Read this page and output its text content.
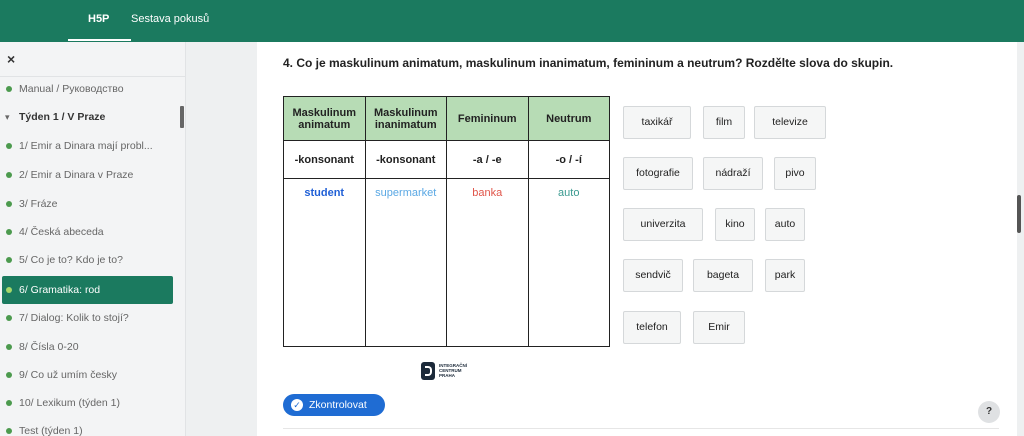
H5P Sestava pokusů
×
Manual / Руководство
▾ Týden 1 / V Praze
1/ Emir a Dinara mají probl...
2/ Emir a Dinara v Praze
3/ Fráze
4/ Česká abeceda
5/ Co je to? Kdo je to?
6/ Gramatika: rod
7/ Dialog: Kolik to stojí?
8/ Čísla 0-20
9/ Co už umím česky
10/ Lexikum (týden 1)
Test (týden 1)
4. Co je maskulinum animatum, maskulinum inanimatum, femininum a neutrum? Rozdělte slova do skupin.
Maskulinum animatum	Maskulinum inanimatum	Femininum	Neutrum
-konsonant	-konsonant	-a / -e	-o / -í
student	supermarket	banka	auto
taxikář	film	televize
fotografie	nádraží	pivo
univerzita	kino	auto
sendvič	bageta	park
telefon	Emir
INTEGRAČNÍ
CENTRUM
PRAHA
✓ Zkontrolovat
?
